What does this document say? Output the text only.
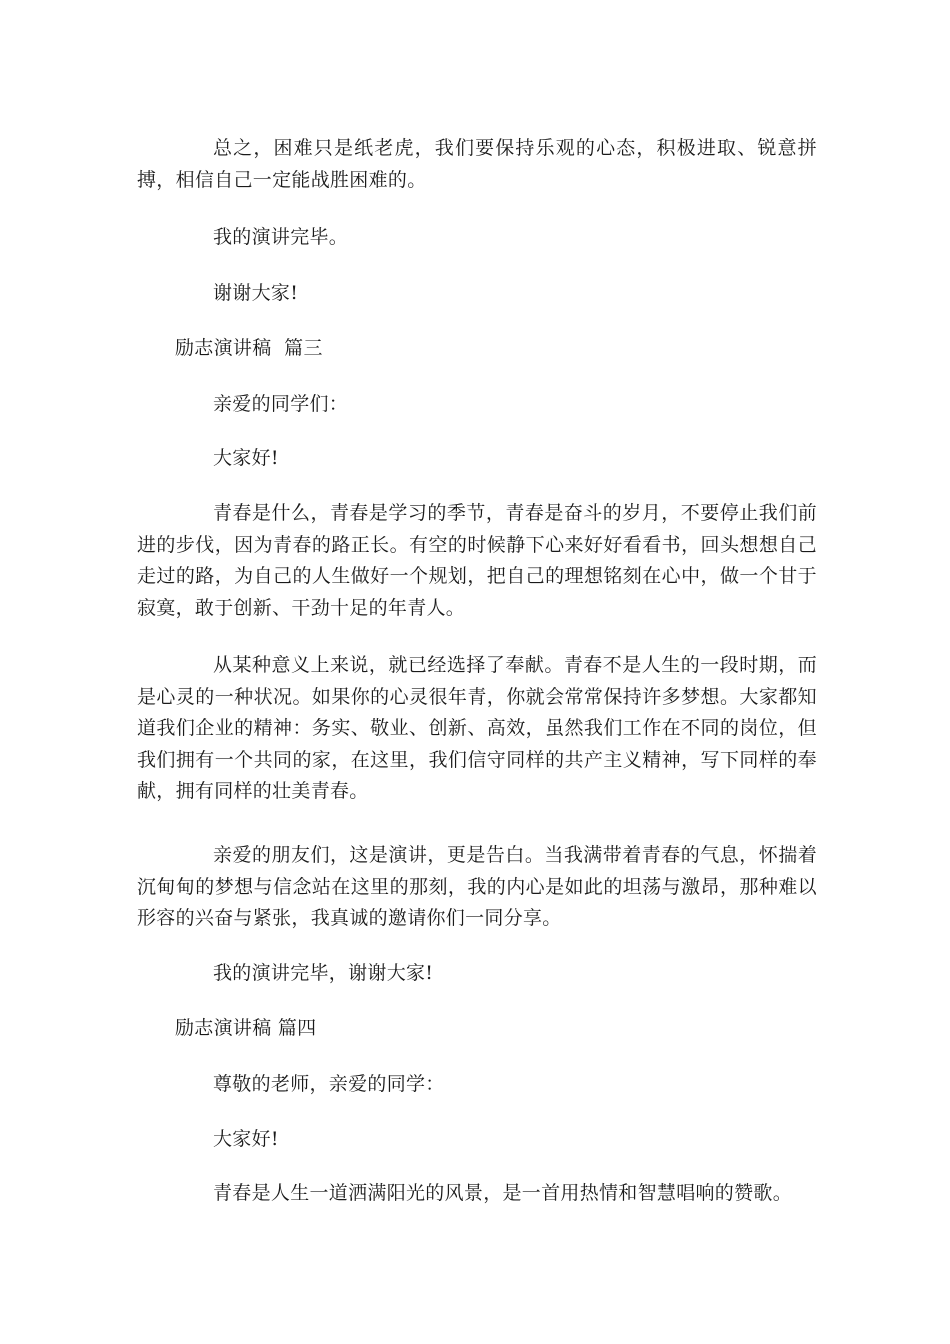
总之，困难只是纸老虎，我们要保持乐观的心态，积极进取、锐意拼搏，相信自己一定能战胜困难的。

我的演讲完毕。

谢谢大家!

励志演讲稿  篇三

亲爱的同学们：

大家好!

青春是什么，青春是学习的季节，青春是奋斗的岁月，不要停止我们前进的步伐，因为青春的路正长。有空的时候静下心来好好看看书，回头想想自己走过的路，为自己的人生做好一个规划，把自己的理想铭刻在心中，做一个甘于寂寞，敢于创新、干劲十足的年青人。

从某种意义上来说，就已经选择了奉献。青春不是人生的一段时期，而是心灵的一种状况。如果你的心灵很年青，你就会常常保持许多梦想。大家都知道我们企业的精神：务实、敬业、创新、高效，虽然我们工作在不同的岗位，但我们拥有一个共同的家，在这里，我们信守同样的共产主义精神，写下同样的奉献，拥有同样的壮美青春。

亲爱的朋友们，这是演讲，更是告白。当我满带着青春的气息，怀揣着沉甸甸的梦想与信念站在这里的那刻，我的内心是如此的坦荡与激昂，那种难以形容的兴奋与紧张，我真诚的邀请你们一同分享。

我的演讲完毕，谢谢大家!

励志演讲稿 篇四

尊敬的老师，亲爱的同学：

大家好!

青春是人生一道洒满阳光的风景，是一首用热情和智慧唱响的赞歌。
